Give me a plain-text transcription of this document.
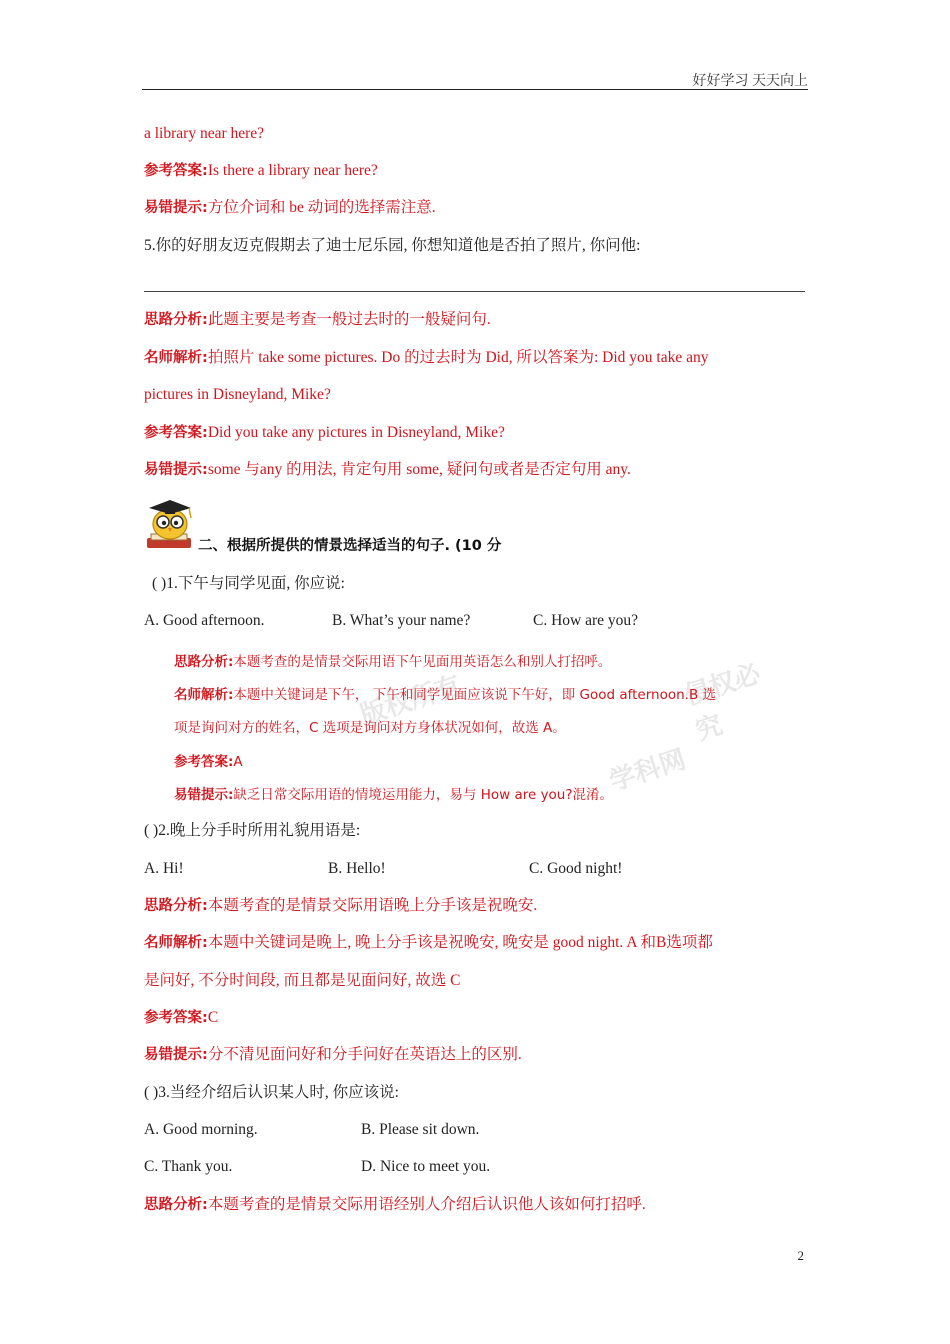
好好学习 天天向上
a library near here?
参考答案:Is there a library near here?
易错提示:方位介词和 be 动词的选择需注意.
5.你的好朋友迈克假期去了迪士尼乐园, 你想知道他是否拍了照片, 你问他:
思路分析:此题主要是考查一般过去时的一般疑问句.
名师解析:拍照片 take some pictures. Do 的过去时为 Did, 所以答案为: Did you take any
pictures in Disneyland, Mike?
参考答案:Did you take any pictures in Disneyland, Mike?
易错提示:some 与any 的用法, 肯定句用 some, 疑问句或者是否定句用 any.
二、根据所提供的情景选择适当的句子. (10 分
( )1.下午与同学见面, 你应说:
A. Good afternoon.	B. What’s your name?	C. How are you?
版权所有
学科网
侵权必究
思路分析:本题考查的是情景交际用语下午见面用英语怎么和别人打招呼。
名师解析:本题中关键词是下午， 下午和同学见面应该说下午好，即 Good afternoon.B 选
项是询问对方的姓名，C 选项是询问对方身体状况如何，故选 A。
参考答案:A
易错提示:缺乏日常交际用语的情境运用能力，易与 How are you?混淆。
( )2.晚上分手时所用礼貌用语是:
A. Hi!	B. Hello!	C. Good night!
思路分析:本题考查的是情景交际用语晚上分手该是祝晚安.
名师解析:本题中关键词是晚上, 晚上分手该是祝晚安, 晚安是 good night. A 和B选项都
是问好, 不分时间段, 而且都是见面问好, 故选 C
参考答案:C
易错提示:分不清见面问好和分手问好在英语达上的区别.
( )3.当经介绍后认识某人时, 你应该说:
A. Good morning.	B. Please sit down.
C. Thank you.	D. Nice to meet you.
思路分析:本题考查的是情景交际用语经别人介绍后认识他人该如何打招呼.
2
